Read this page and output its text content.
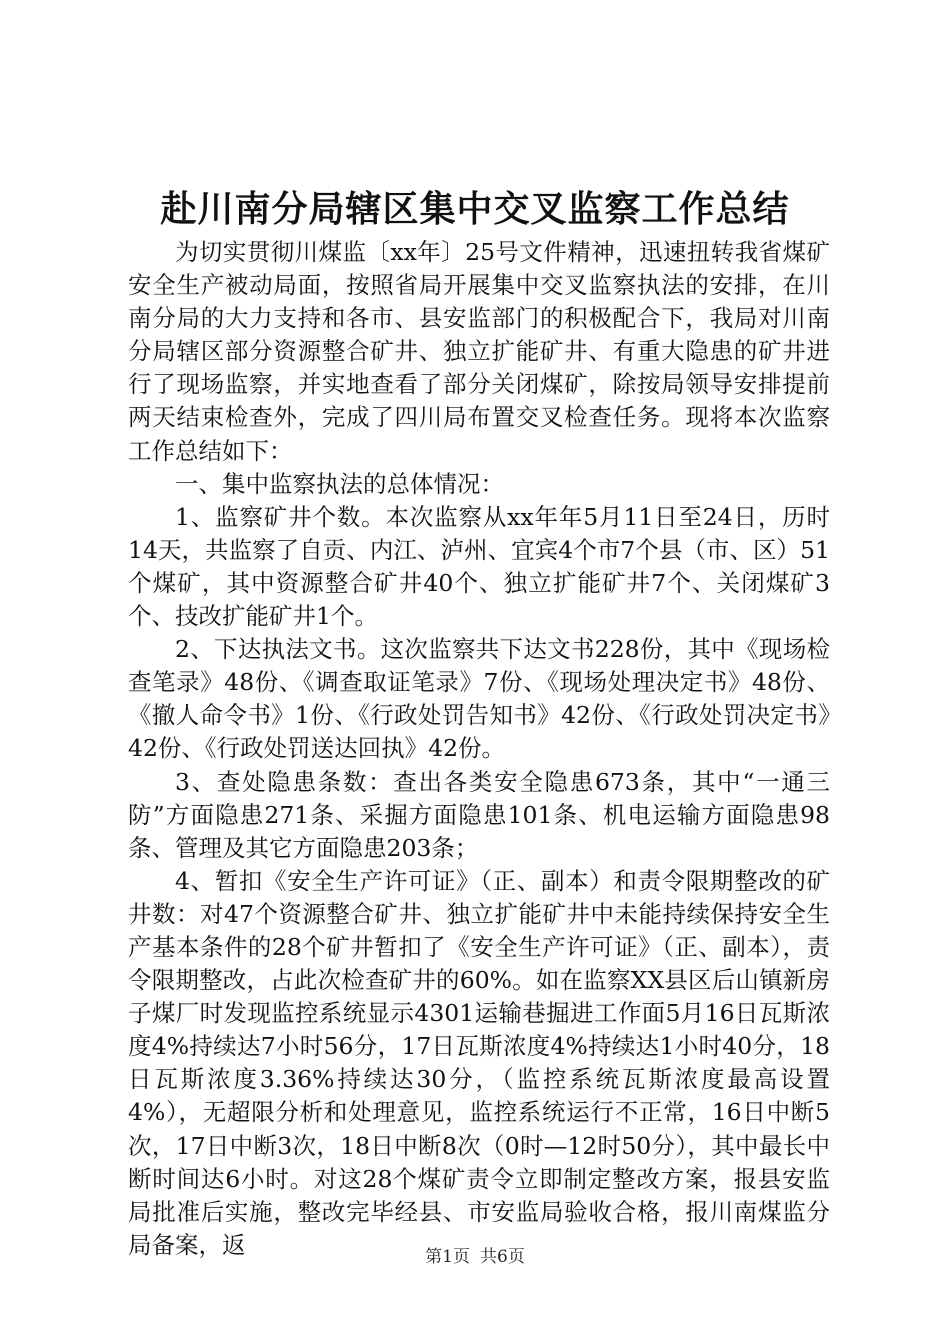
赴川南分局辖区集中交叉监察工作总结

为切实贯彻川煤监〔xx年〕25号文件精神，迅速扭转我省煤矿安全生产被动局面，按照省局开展集中交叉监察执法的安排，在川南分局的大力支持和各市、县安监部门的积极配合下，我局对川南分局辖区部分资源整合矿井、独立扩能矿井、有重大隐患的矿井进行了现场监察，并实地查看了部分关闭煤矿，除按局领导安排提前两天结束检查外，完成了四川局布置交叉检查任务。现将本次监察工作总结如下：

一、集中监察执法的总体情况：

1、监察矿井个数。本次监察从xx年年5月11日至24日，历时14天，共监察了自贡、内江、泸州、宜宾4个市7个县（市、区）51个煤矿，其中资源整合矿井40个、独立扩能矿井7个、关闭煤矿3个、技改扩能矿井1个。

2、下达执法文书。这次监察共下达文书228份，其中《现场检查笔录》48份、《调查取证笔录》7份、《现场处理决定书》48份、《撤人命令书》1份、《行政处罚告知书》42份、《行政处罚决定书》42份、《行政处罚送达回执》42份。

3、查处隐患条数：查出各类安全隐患673条，其中“一通三防”方面隐患271条、采掘方面隐患101条、机电运输方面隐患98条、管理及其它方面隐患203条；

4、暂扣《安全生产许可证》（正、副本）和责令限期整改的矿井数：对47个资源整合矿井、独立扩能矿井中未能持续保持安全生产基本条件的28个矿井暂扣了《安全生产许可证》（正、副本），责令限期整改，占此次检查矿井的60%。如在监察XX县区后山镇新房子煤厂时发现监控系统显示4301运输巷掘进工作面5月16日瓦斯浓度4%持续达7小时56分，17日瓦斯浓度4%持续达1小时40分，18日瓦斯浓度3.36%持续达30分，（监控系统瓦斯浓度最高设置4%），无超限分析和处理意见，监控系统运行不正常，16日中断5次，17日中断3次，18日中断8次（0时—12时50分），其中最长中断时间达6小时。对这28个煤矿责令立即制定整改方案，报县安监局批准后实施，整改完毕经县、市安监局验收合格，报川南煤监分局备案，返	第1页 共6页
